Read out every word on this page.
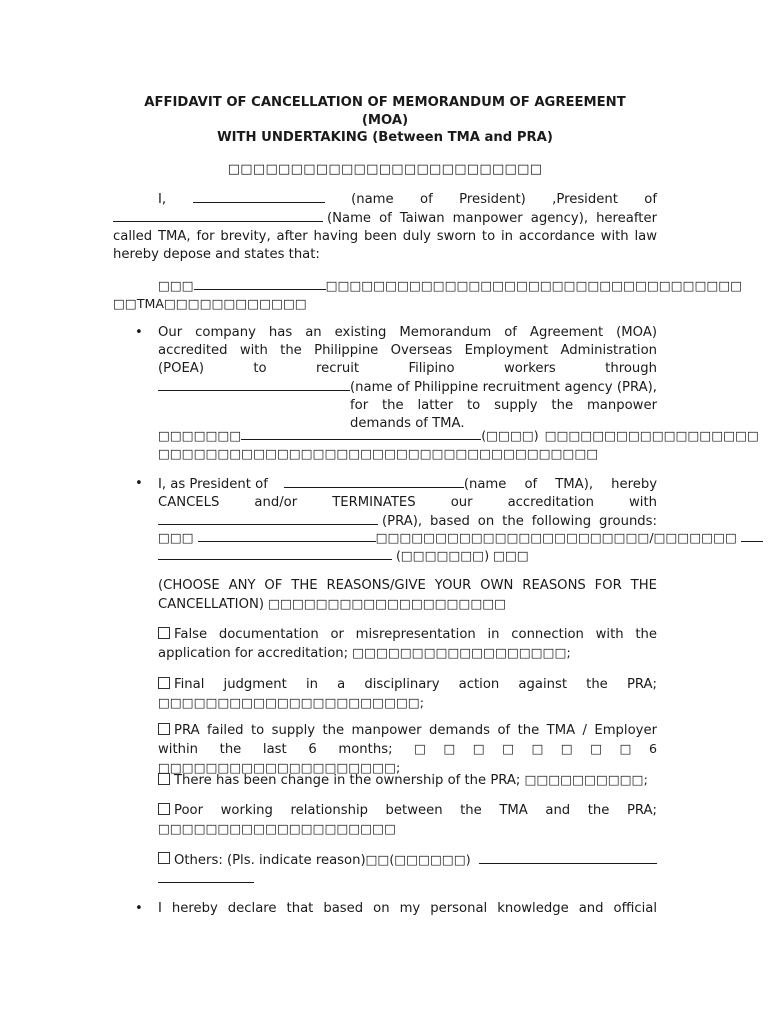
AFFIDAVIT OF CANCELLATION OF MEMORANDUM OF AGREEMENT
(MOA)
WITH UNDERTAKING (Between TMA and PRA)
□□□□□□□□□□□□□□□□□□□□□□□□□
I,	(name of President) ,President of
(Name of Taiwan manpower agency), hereafter
called TMA, for brevity, after having been duly sworn to in accordance with law hereby depose and states that:
□□□	□□□□□□□□□□□□□□□□□□□□□□□□□□□□□□□□□□□
□□TMA□□□□□□□□□□□□
• Our company has an existing Memorandum of Agreement (MOA) accredited with the Philippine Overseas Employment Administration (POEA) to recruit Filipino workers through
(name of Philippine recruitment agency (PRA), for the latter to supply the manpower demands of TMA.
□□□□□□□	(□□□□) □□□□□□□□□□□□□□□□□□
□□□□□□□□□□□□□□□□□□□□□□□□□□□□□□□□□□□□□
• I, as President of	(name of TMA), hereby
CANCELS and/or TERMINATES our accreditation with
(PRA), based on the following grounds:
□□□	□□□□□□□□□□□□□□□□□□□□□□□/□□□□□□□
(□□□□□□□) □□□
(CHOOSE ANY OF THE REASONS/GIVE YOUR OWN REASONS FOR THE CANCELLATION) □□□□□□□□□□□□□□□□□□□□
False documentation or misrepresentation in connection with the application for accreditation; □□□□□□□□□□□□□□□□□□;
Final judgment in a disciplinary action against the PRA; □□□□□□□□□□□□□□□□□□□□□□;
PRA failed to supply the manpower demands of the TMA / Employer within the last 6 months; □□□□□□□□6 □□□□□□□□□□□□□□□□□□□□;
There has been change in the ownership of the PRA; □□□□□□□□□□;
Poor working relationship between the TMA and the PRA; □□□□□□□□□□□□□□□□□□□□
Others: (Pls. indicate reason) □□(□□□□□□)
• I hereby declare that based on my personal knowledge and official
